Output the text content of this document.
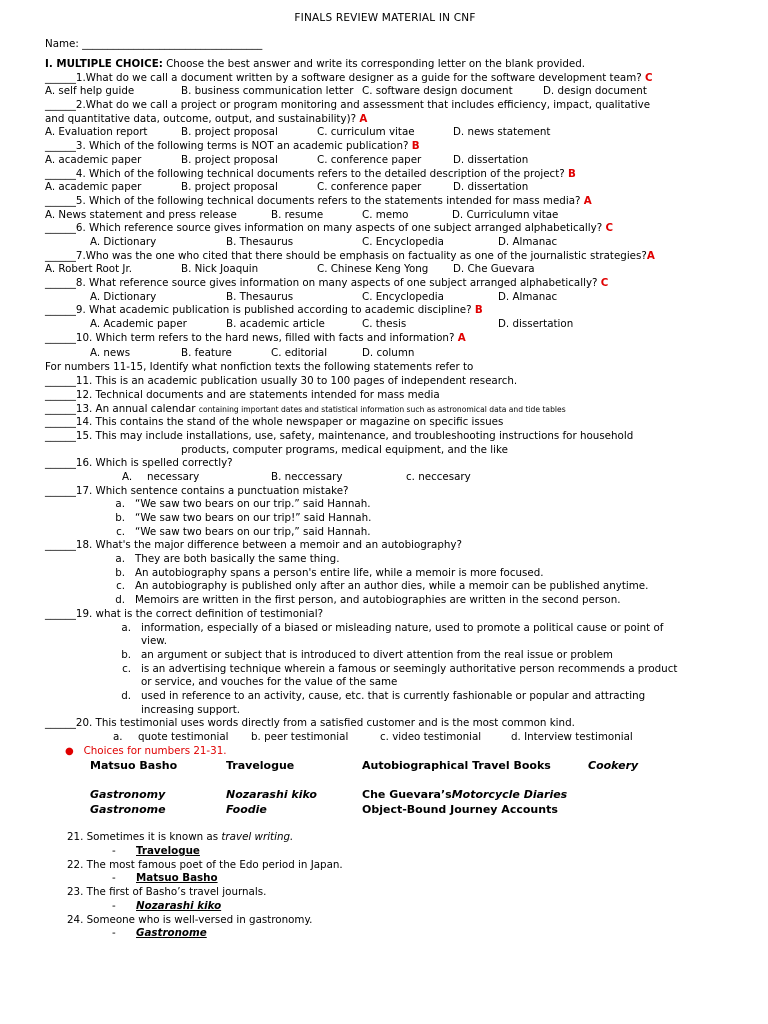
FINALS REVIEW MATERIAL IN CNF
Name: ___________________________________
I. MULTIPLE CHOICE: Choose the best answer and write its corresponding letter on the blank provided.
______1.What do we call a document written by a software designer as a guide for the software development team? C
A. self help guide	B. business communication letter C. software design document	D. design document
______2.What do we call a project or program monitoring and assessment that includes efficiency, impact, qualitative
and quantitative data, outcome, output, and sustainability)? A
A. Evaluation report	B. project proposal	C. curriculum vitae	D. news statement
______3. Which of the following terms is NOT an academic publication? B
A. academic paper	B. project proposal	C. conference paper	D. dissertation
______4. Which of the following technical documents refers to the detailed description of the project? B
A. academic paper	B. project proposal	C. conference paper	D. dissertation
______5. Which of the following technical documents refers to the statements intended for mass media? A
A. News statement and press release	B. resume	C. memo	D. Curriculumn vitae
______6. Which reference source gives information on many aspects of one subject arranged alphabetically? C
A. Dictionary	B. Thesaurus	C. Encyclopedia	D. Almanac
______7.Who was the one who cited that there should be emphasis on factuality as one of the journalistic strategies?A
A. Robert Root Jr.	B. Nick Joaquin	C. Chinese Keng Yong	D. Che Guevara
______8. What reference source gives information on many aspects of one subject arranged alphabetically? C
A. Dictionary	B. Thesaurus	C. Encyclopedia	D. Almanac
______9. What academic publication is published according to academic discipline? B
A. Academic paper	B. academic article	C. thesis	D. dissertation
______10. Which term refers to the hard news, filled with facts and information? A
A. news	B. feature	C. editorial	D. column
For numbers 11-15, Identify what nonfiction texts the following statements refer to
______11. This is an academic publication usually 30 to 100 pages of independent research.
______12. Technical documents and are statements intended for mass media
______13. An annual calendar containing important dates and statistical information such as astronomical data and tide tables
______14. This contains the stand of the whole newspaper or magazine on specific issues
______15. This may include installations, use, safety, maintenance, and troubleshooting instructions for household
products, computer programs, medical equipment, and the like
______16. Which is spelled correctly?
A.	necessary	B. neccessary	c. neccesary
______17. Which sentence contains a punctuation mistake?
a. “We saw two bears on our trip.” said Hannah.
b. “We saw two bears on our trip!” said Hannah.
c. “We saw two bears on our trip,” said Hannah.
______18. What's the major difference between a memoir and an autobiography?
a. They are both basically the same thing.
b. An autobiography spans a person's entire life, while a memoir is more focused.
c. An autobiography is published only after an author dies, while a memoir can be published anytime.
d. Memoirs are written in the first person, and autobiographies are written in the second person.
______19. what is the correct definition of testimonial?
a. information, especially of a biased or misleading nature, used to promote a political cause or point of
view.
b. an argument or subject that is introduced to divert attention from the real issue or problem
c. is an advertising technique wherein a famous or seemingly authoritative person recommends a product
or service, and vouches for the value of the same
d. used in reference to an activity, cause, etc. that is currently fashionable or popular and attracting
increasing support.
______20. This testimonial uses words directly from a satisfied customer and is the most common kind.
a.	quote testimonial	b. peer testimonial	c. video testimonial	d. Interview testimonial
● Choices for numbers 21-31.
Matsuo Basho	Travelogue	Autobiographical Travel Books	Cookery
Gastronomy	Nozarashi kiko	Che Guevara’s Motorcycle Diaries
Gastronome	Foodie	Object-Bound Journey Accounts
21. Sometimes it is known as travel writing.
- Travelogue
22. The most famous poet of the Edo period in Japan.
- Matsuo Basho
23. The first of Basho’s travel journals.
- Nozarashi kiko
24. Someone who is well-versed in gastronomy.
- Gastronome
